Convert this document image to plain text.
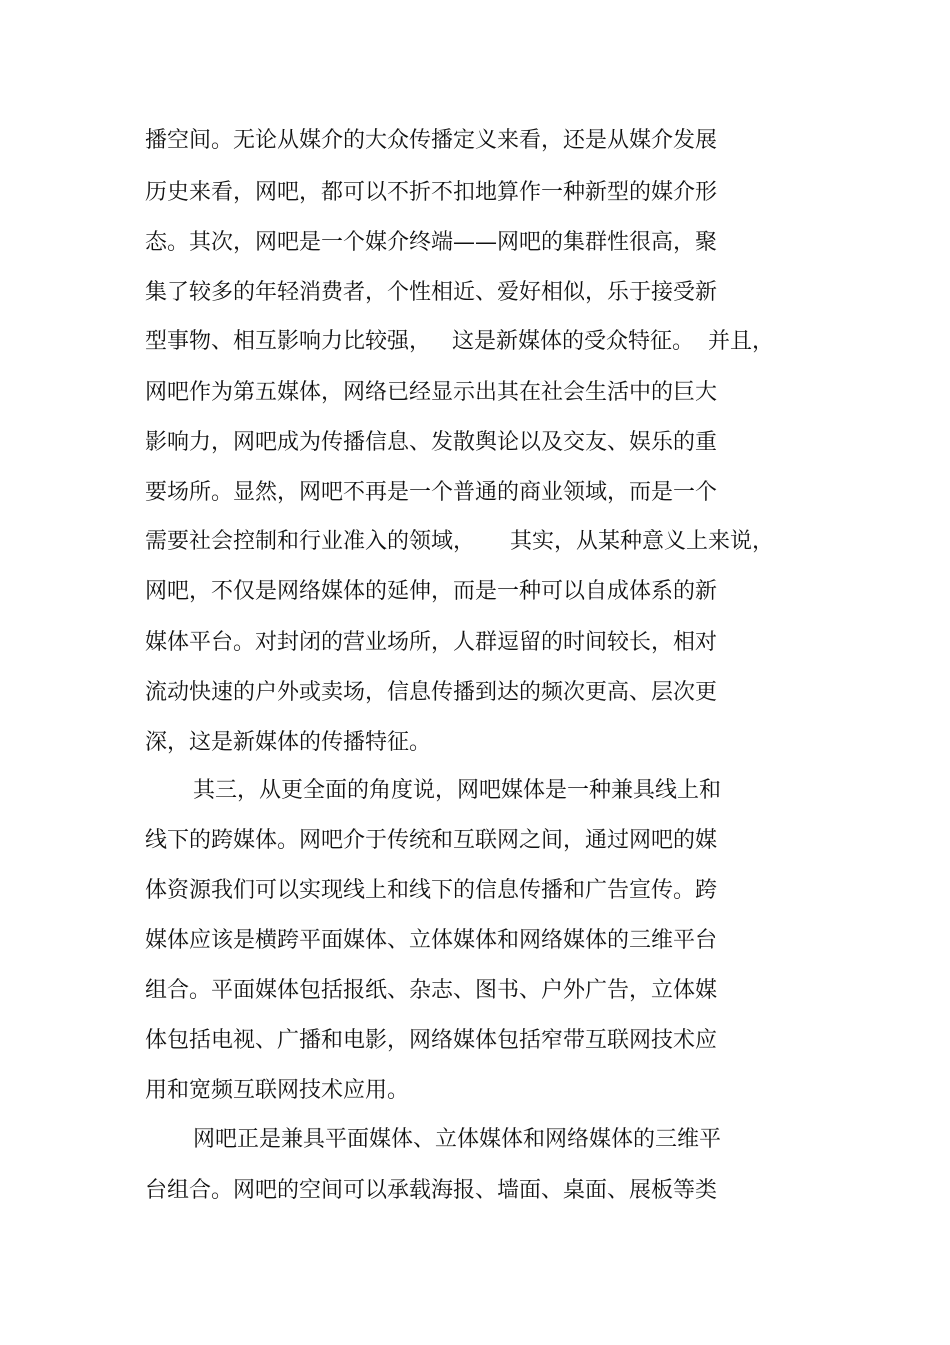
播空间。无论从媒介的大众传播定义来看，还是从媒介发展
历史来看，网吧，都可以不折不扣地算作一种新型的媒介形
态。其次，网吧是一个媒介终端——网吧的集群性很高，聚
集了较多的年轻消费者，个性相近、爱好相似，乐于接受新
型事物、相互影响力比较强，   这是新媒体的受众特征。  并且，
网吧作为第五媒体，网络已经显示出其在社会生活中的巨大
影响力，网吧成为传播信息、发散舆论以及交友、娱乐的重
要场所。显然，网吧不再是一个普通的商业领域，而是一个
需要社会控制和行业准入的领域，     其实，从某种意义上来说，
网吧，不仅是网络媒体的延伸，而是一种可以自成体系的新
媒体平台。对封闭的营业场所，人群逗留的时间较长，相对
流动快速的户外或卖场，信息传播到达的频次更高、层次更
深，这是新媒体的传播特征。
其三，从更全面的角度说，网吧媒体是一种兼具线上和
线下的跨媒体。网吧介于传统和互联网之间，通过网吧的媒
体资源我们可以实现线上和线下的信息传播和广告宣传。跨
媒体应该是横跨平面媒体、立体媒体和网络媒体的三维平台
组合。平面媒体包括报纸、杂志、图书、户外广告，立体媒
体包括电视、广播和电影，网络媒体包括窄带互联网技术应
用和宽频互联网技术应用。
网吧正是兼具平面媒体、立体媒体和网络媒体的三维平
台组合。网吧的空间可以承载海报、墙面、桌面、展板等类
